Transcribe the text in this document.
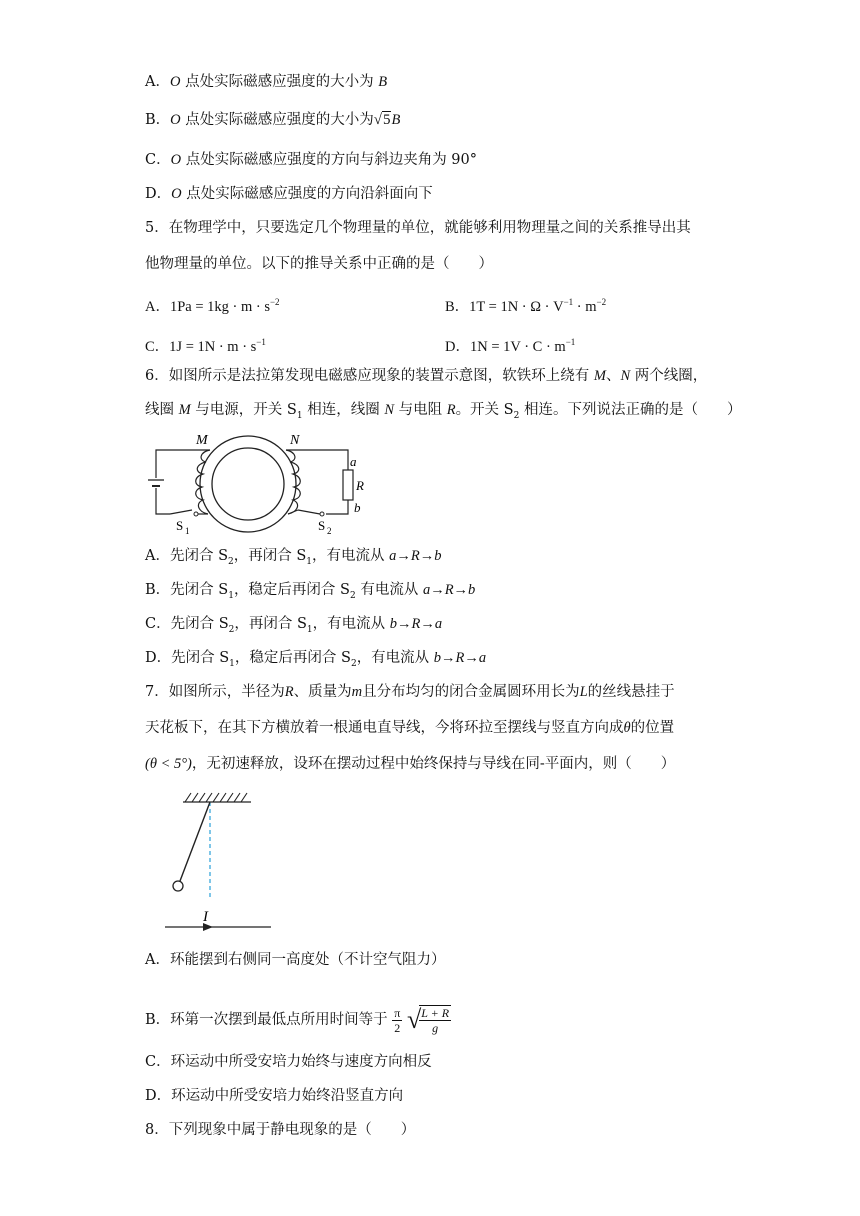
A．O 点处实际磁感应强度的大小为 B
B．O 点处实际磁感应强度的大小为√5B
C．O 点处实际磁感应强度的方向与斜边夹角为 90°
D．O 点处实际磁感应强度的方向沿斜面向下
5．在物理学中，只要选定几个物理量的单位，就能够利用物理量之间的关系推导出其
他物理量的单位。以下的推导关系中正确的是（　　）
A．$1Pa = 1kg \cdot m \cdot s^{-2}$	B．$1T = 1N \cdot \Omega \cdot V^{-1} \cdot m^{-2}$
C．$1J = 1N \cdot m \cdot s^{-1}$	D．$1N = 1V \cdot C \cdot m^{-1}$
6．如图所示是法拉第发现电磁感应现象的装置示意图，软铁环上绕有 M、N 两个线圈，
线圈 M 与电源，开关 $S_1$ 相连，线圈 N 与电阻 R。开关 $S_2$ 相连。下列说法正确的是（　　）
M	N
S 1
a
R
b
S 2
A．先闭合 $S_2$，再闭合 $S_1$，有电流从 a→R→b
B．先闭合 $S_1$，稳定后再闭合 $S_2$ 有电流从 a→R→b
C．先闭合 $S_2$，再闭合 $S_1$，有电流从 b→R→a
D．先闭合 $S_1$，稳定后再闭合 $S_2$，有电流从 b→R→a
7．如图所示，半径为R、质量为m且分布均匀的闭合金属圆环用长为L的丝线悬挂于
天花板下，在其下方横放着一根通电直导线，今将环拉至摆线与竖直方向成θ的位置
(θ < 5°)，无初速释放，设环在摆动过程中始终保持与导线在同-平面内，则（　　）
I
A．环能摆到右侧同一高度处（不计空气阻力）
B．环第一次摆到最低点所用时间等于 $\frac{\pi}{2}$ √
$\frac{L + R}{g}$
C．环运动中所受安培力始终与速度方向相反
D．环运动中所受安培力始终沿竖直方向
8．下列现象中属于静电现象的是（　　）
